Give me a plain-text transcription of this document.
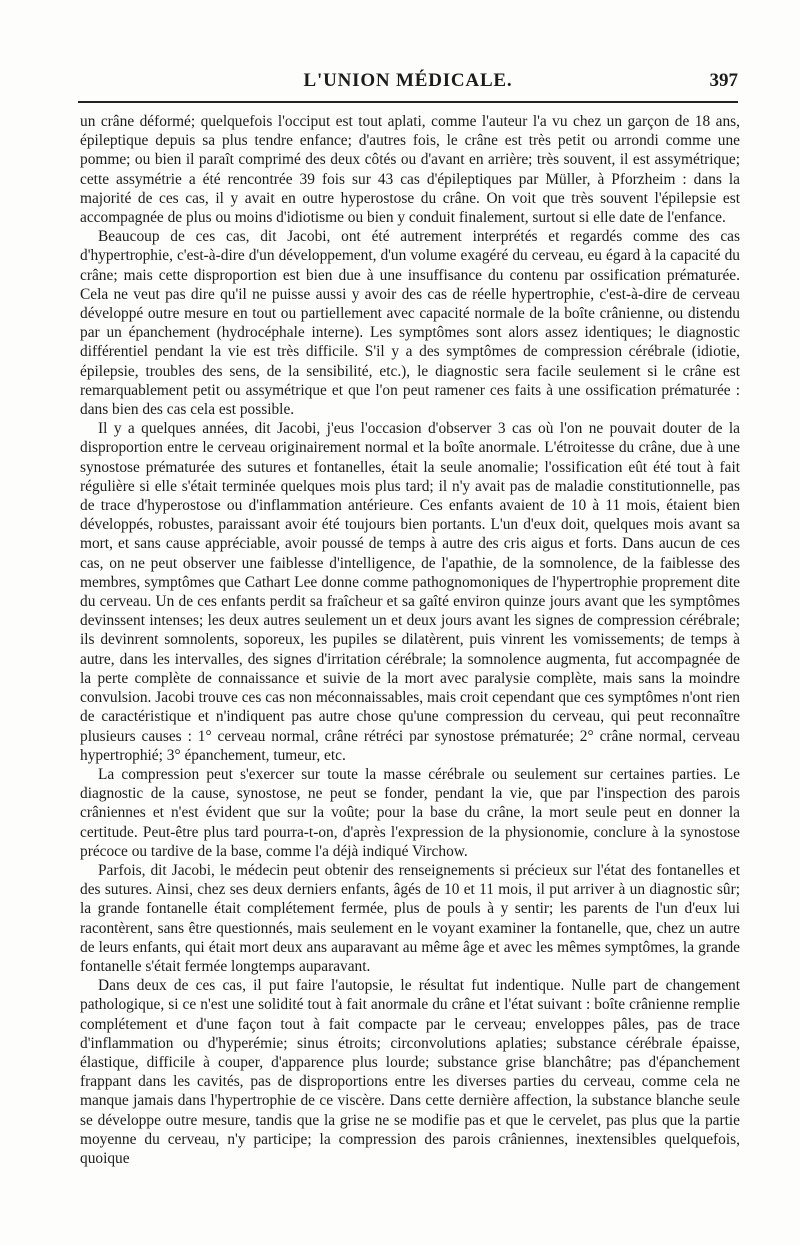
L'UNION MÉDICALE.	397

un crâne déformé; quelquefois l'occiput est tout aplati, comme l'auteur l'a vu chez un garçon de 18 ans, épileptique depuis sa plus tendre enfance; d'autres fois, le crâne est très petit ou arrondi comme une pomme; ou bien il paraît comprimé des deux côtés ou d'avant en arrière; très souvent, il est assymétrique; cette assymétrie a été rencontrée 39 fois sur 43 cas d'épileptiques par Müller, à Pforzheim : dans la majorité de ces cas, il y avait en outre hyperostose du crâne. On voit que très souvent l'épilepsie est accompagnée de plus ou moins d'idiotisme ou bien y conduit finalement, surtout si elle date de l'enfance.

Beaucoup de ces cas, dit Jacobi, ont été autrement interprétés et regardés comme des cas d'hypertrophie, c'est-à-dire d'un développement, d'un volume exagéré du cerveau, eu égard à la capacité du crâne; mais cette disproportion est bien due à une insuffisance du contenu par ossification prématurée. Cela ne veut pas dire qu'il ne puisse aussi y avoir des cas de réelle hypertrophie, c'est-à-dire de cerveau développé outre mesure en tout ou partiellement avec capacité normale de la boîte crânienne, ou distendu par un épanchement (hydrocéphale interne). Les symptômes sont alors assez identiques; le diagnostic différentiel pendant la vie est très difficile. S'il y a des symptômes de compression cérébrale (idiotie, épilepsie, troubles des sens, de la sensibilité, etc.), le diagnostic sera facile seulement si le crâne est remarquablement petit ou assymétrique et que l'on peut ramener ces faits à une ossification prématurée : dans bien des cas cela est possible.

Il y a quelques années, dit Jacobi, j'eus l'occasion d'observer 3 cas où l'on ne pouvait douter de la disproportion entre le cerveau originairement normal et la boîte anormale. L'étroitesse du crâne, due à une synostose prématurée des sutures et fontanelles, était la seule anomalie; l'ossification eût été tout à fait régulière si elle s'était terminée quelques mois plus tard; il n'y avait pas de maladie constitutionnelle, pas de trace d'hyperostose ou d'inflammation antérieure. Ces enfants avaient de 10 à 11 mois, étaient bien développés, robustes, paraissant avoir été toujours bien portants. L'un d'eux doit, quelques mois avant sa mort, et sans cause appréciable, avoir poussé de temps à autre des cris aigus et forts. Dans aucun de ces cas, on ne peut observer une faiblesse d'intelligence, de l'apathie, de la somnolence, de la faiblesse des membres, symptômes que Cathart Lee donne comme pathognomoniques de l'hypertrophie proprement dite du cerveau. Un de ces enfants perdit sa fraîcheur et sa gaîté environ quinze jours avant que les symptômes devinssent intenses; les deux autres seulement un et deux jours avant les signes de compression cérébrale; ils devinrent somnolents, soporeux, les pupiles se dilatèrent, puis vinrent les vomissements; de temps à autre, dans les intervalles, des signes d'irritation cérébrale; la somnolence augmenta, fut accompagnée de la perte complète de connaissance et suivie de la mort avec paralysie complète, mais sans la moindre convulsion. Jacobi trouve ces cas non méconnaissables, mais croit cependant que ces symptômes n'ont rien de caractéristique et n'indiquent pas autre chose qu'une compression du cerveau, qui peut reconnaître plusieurs causes : 1° cerveau normal, crâne rétréci par synostose prématurée; 2° crâne normal, cerveau hypertrophié; 3° épanchement, tumeur, etc.

La compression peut s'exercer sur toute la masse cérébrale ou seulement sur certaines parties. Le diagnostic de la cause, synostose, ne peut se fonder, pendant la vie, que par l'inspection des parois crâniennes et n'est évident que sur la voûte; pour la base du crâne, la mort seule peut en donner la certitude. Peut-être plus tard pourra-t-on, d'après l'expression de la physionomie, conclure à la synostose précoce ou tardive de la base, comme l'a déjà indiqué Virchow.

Parfois, dit Jacobi, le médecin peut obtenir des renseignements si précieux sur l'état des fontanelles et des sutures. Ainsi, chez ses deux derniers enfants, âgés de 10 et 11 mois, il put arriver à un diagnostic sûr; la grande fontanelle était complétement fermée, plus de pouls à y sentir; les parents de l'un d'eux lui racontèrent, sans être questionnés, mais seulement en le voyant examiner la fontanelle, que, chez un autre de leurs enfants, qui était mort deux ans auparavant au même âge et avec les mêmes symptômes, la grande fontanelle s'était fermée longtemps auparavant.

Dans deux de ces cas, il put faire l'autopsie, le résultat fut indentique. Nulle part de changement pathologique, si ce n'est une solidité tout à fait anormale du crâne et l'état suivant : boîte crânienne remplie complétement et d'une façon tout à fait compacte par le cerveau; enveloppes pâles, pas de trace d'inflammation ou d'hyperémie; sinus étroits; circonvolutions aplaties; substance cérébrale épaisse, élastique, difficile à couper, d'apparence plus lourde; substance grise blanchâtre; pas d'épanchement frappant dans les cavités, pas de disproportions entre les diverses parties du cerveau, comme cela ne manque jamais dans l'hypertrophie de ce viscère. Dans cette dernière affection, la substance blanche seule se développe outre mesure, tandis que la grise ne se modifie pas et que le cervelet, pas plus que la partie moyenne du cerveau, n'y participe; la compression des parois crâniennes, inextensibles quelquefois, quoique
